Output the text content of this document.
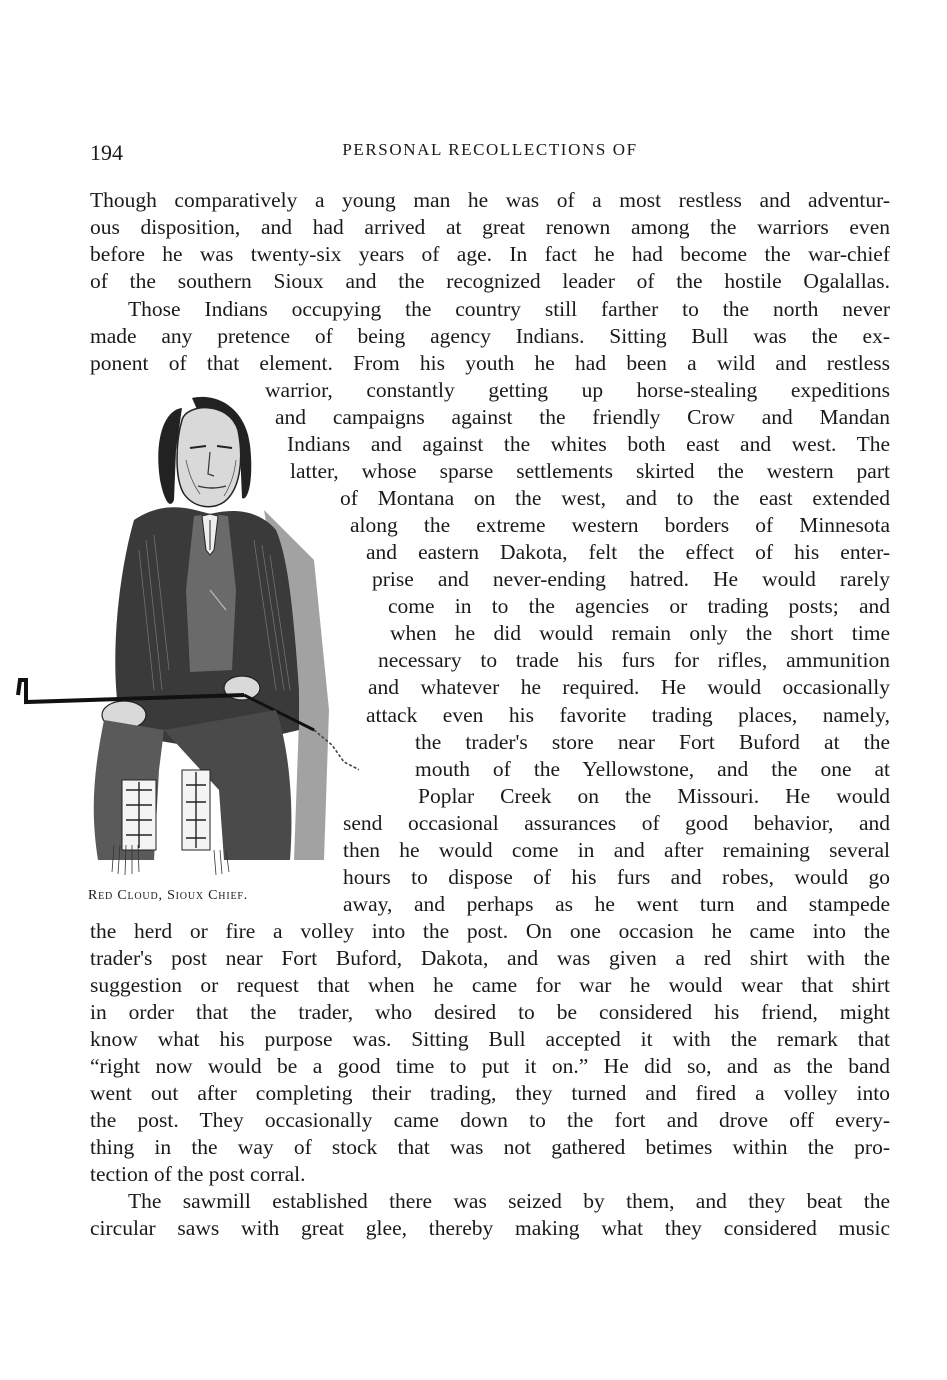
194	PERSONAL RECOLLECTIONS OF
Though comparatively a young man he was of a most restless and adventur-
ous disposition, and had arrived at great renown among the warriors even
before he was twenty-six years of age. In fact he had become the war-chief
of the southern Sioux and the recognized leader of the hostile Ogalallas.
Those Indians occupying the country still farther to the north never
made any pretence of being agency Indians. Sitting Bull was the ex-
ponent of that element. From his youth he had been a wild and restless
warrior, constantly getting up horse-stealing expeditions
and campaigns against the friendly Crow and Mandan
Indians and against the whites both east and west. The
latter, whose sparse settlements skirted the western part
of Montana on the west, and to the east extended
along the extreme western borders of Minnesota
and eastern Dakota, felt the effect of his enter-
prise and never-ending hatred. He would rarely
come in to the agencies or trading posts; and
when he did would remain only the short time
necessary to trade his furs for rifles, ammunition
and whatever he required. He would occasionally
attack even his favorite trading places, namely,
the trader's store near Fort Buford at the
mouth of the Yellowstone, and the one at
Poplar Creek on the Missouri. He would
send occasional assurances of good behavior, and
then he would come in and after remaining several
hours to dispose of his furs and robes, would go
away, and perhaps as he went turn and stampede
the herd or fire a volley into the post. On one occasion he came into the
trader's post near Fort Buford, Dakota, and was given a red shirt with the
suggestion or request that when he came for war he would wear that shirt
in order that the trader, who desired to be considered his friend, might
know what his purpose was. Sitting Bull accepted it with the remark that
“right now would be a good time to put it on.” He did so, and as the band
went out after completing their trading, they turned and fired a volley into
the post. They occasionally came down to the fort and drove off every-
thing in the way of stock that was not gathered betimes within the pro-
tection of the post corral.
The sawmill established there was seized by them, and they beat the
circular saws with great glee, thereby making what they considered music
Red Cloud, Sioux Chief.
